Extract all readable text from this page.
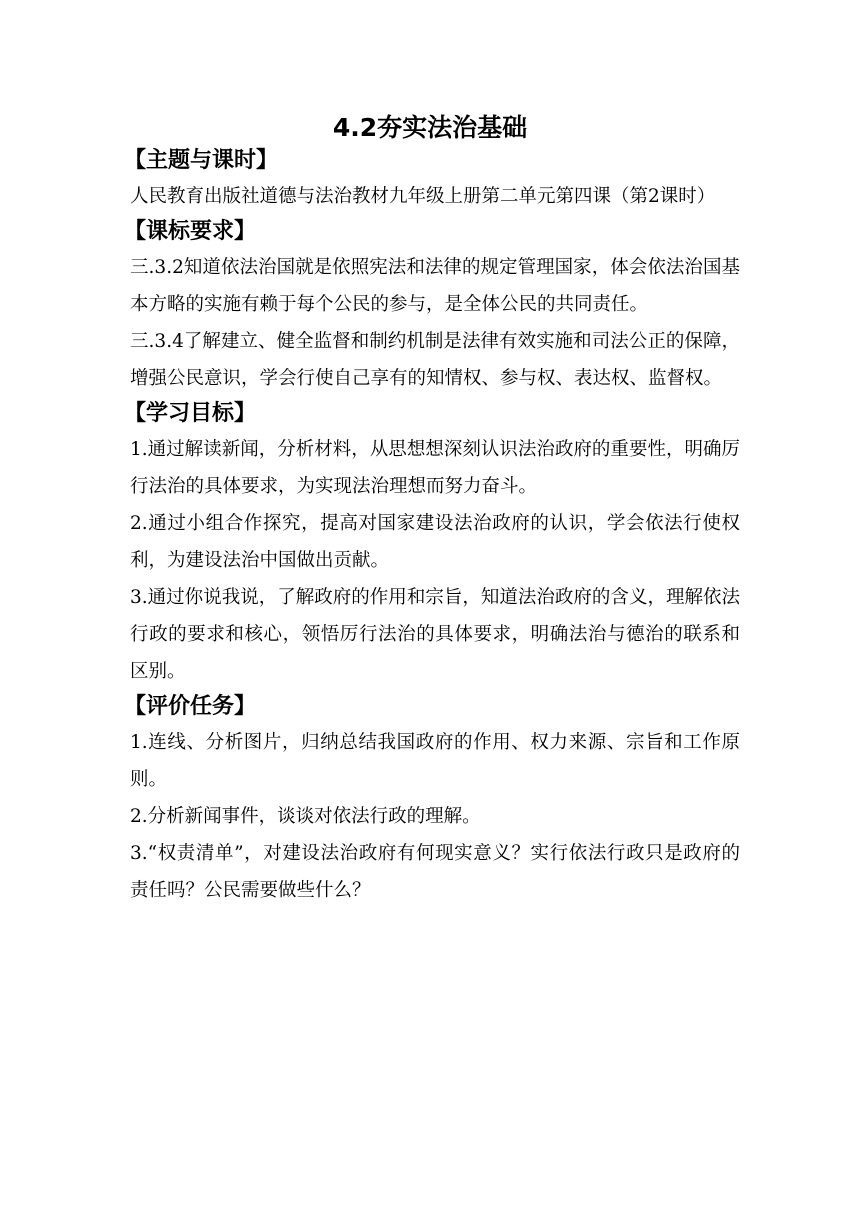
4.2夯实法治基础
【主题与课时】

人民教育出版社道德与法治教材九年级上册第二单元第四课（第2课时）

【课标要求】

三.3.2知道依法治国就是依照宪法和法律的规定管理国家，体会依法治国基本方略的实施有赖于每个公民的参与，是全体公民的共同责任。

三.3.4了解建立、健全监督和制约机制是法律有效实施和司法公正的保障，增强公民意识，学会行使自己享有的知情权、参与权、表达权、监督权。

【学习目标】

1.通过解读新闻，分析材料，从思想想深刻认识法治政府的重要性，明确厉行法治的具体要求，为实现法治理想而努力奋斗。

2.通过小组合作探究，提高对国家建设法治政府的认识，学会依法行使权利，为建设法治中国做出贡献。

3.通过你说我说，了解政府的作用和宗旨，知道法治政府的含义，理解依法行政的要求和核心，领悟厉行法治的具体要求，明确法治与德治的联系和区别。

【评价任务】

1.连线、分析图片，归纳总结我国政府的作用、权力来源、宗旨和工作原则。

2.分析新闻事件，谈谈对依法行政的理解。

3.“权责清单”，对建设法治政府有何现实意义？实行依法行政只是政府的责任吗？公民需要做些什么？
